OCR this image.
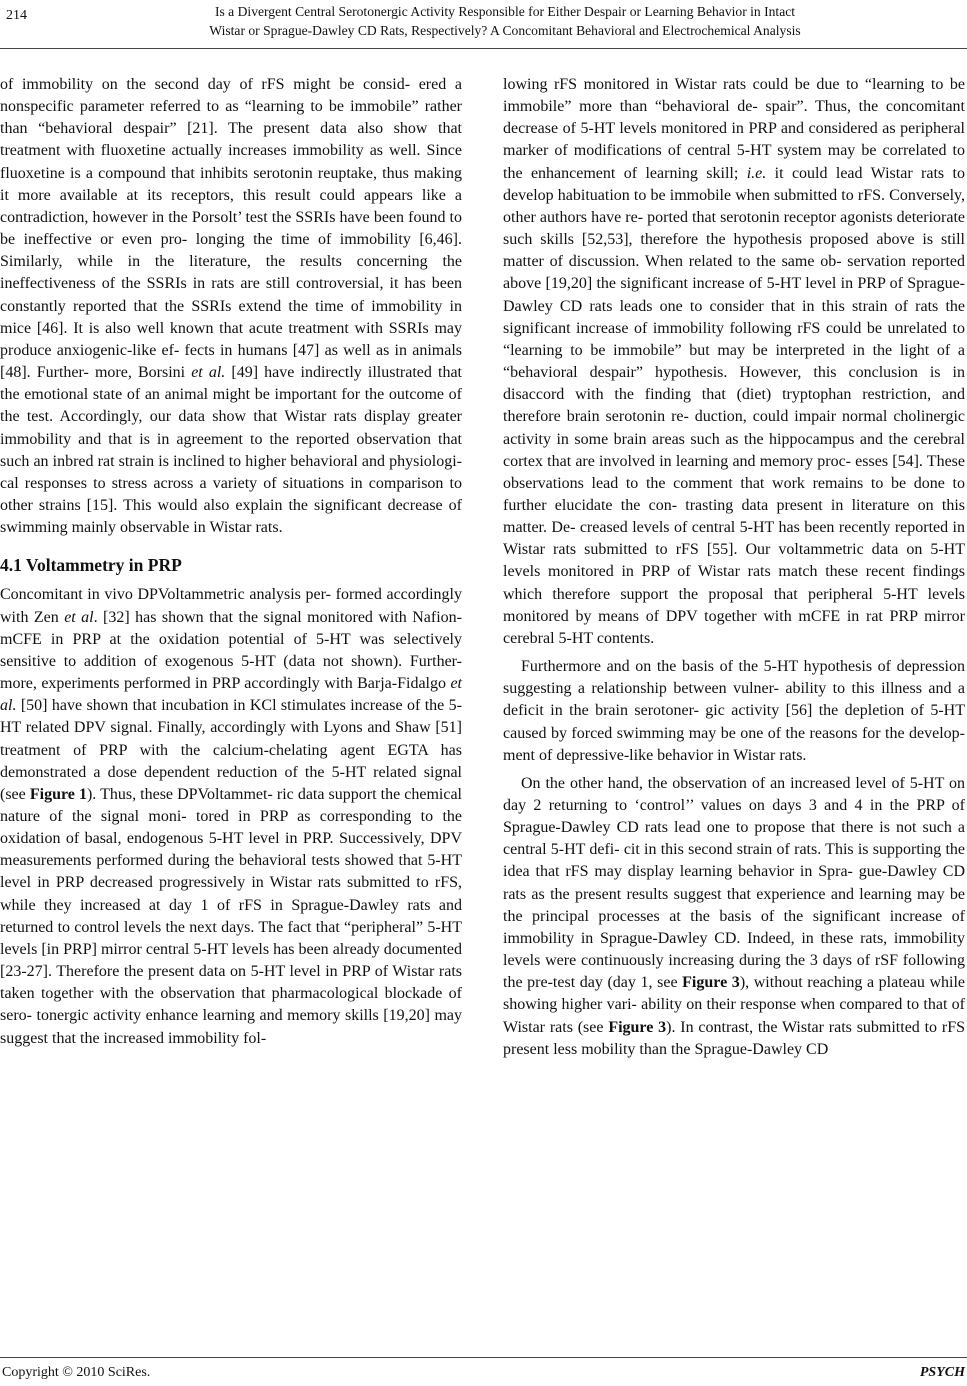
214	Is a Divergent Central Serotonergic Activity Responsible for Either Despair or Learning Behavior in Intact
Wistar or Sprague-Dawley CD Rats, Respectively? A Concomitant Behavioral and Electrochemical Analysis

of immobility on the second day of rFS might be consid- ered a nonspecific parameter referred to as “learning to be immobile” rather than “behavioral despair” [21]. The present data also show that treatment with fluoxetine actually increases immobility as well. Since fluoxetine is a compound that inhibits serotonin reuptake, thus making it more available at its receptors, this result could appears like a contradiction, however in the Porsolt’ test the SSRIs have been found to be ineffective or even pro- longing the time of immobility [6,46]. Similarly, while in the literature, the results concerning the ineffectiveness of the SSRIs in rats are still controversial, it has been constantly reported that the SSRIs extend the time of immobility in mice [46]. It is also well known that acute treatment with SSRIs may produce anxiogenic-like ef- fects in humans [47] as well as in animals [48]. Further- more, Borsini et al. [49] have indirectly illustrated that the emotional state of an animal might be important for the outcome of the test. Accordingly, our data show that Wistar rats display greater immobility and that is in agreement to the reported observation that such an inbred rat strain is inclined to higher behavioral and physiologi- cal responses to stress across a variety of situations in comparison to other strains [15]. This would also explain the significant decrease of swimming mainly observable in Wistar rats.

4.1 Voltammetry in PRP

Concomitant in vivo DPVoltammetric analysis per- formed accordingly with Zen et al. [32] has shown that the signal monitored with Nafion-mCFE in PRP at the oxidation potential of 5-HT was selectively sensitive to addition of exogenous 5-HT (data not shown). Further- more, experiments performed in PRP accordingly with Barja-Fidalgo et al. [50] have shown that incubation in KCl stimulates increase of the 5-HT related DPV signal. Finally, accordingly with Lyons and Shaw [51] treatment of PRP with the calcium-chelating agent EGTA has demonstrated a dose dependent reduction of the 5-HT related signal (see Figure 1). Thus, these DPVoltammet- ric data support the chemical nature of the signal moni- tored in PRP as corresponding to the oxidation of basal, endogenous 5-HT level in PRP. Successively, DPV measurements performed during the behavioral tests showed that 5-HT level in PRP decreased progressively in Wistar rats submitted to rFS, while they increased at day 1 of rFS in Sprague-Dawley rats and returned to control levels the next days. The fact that “peripheral” 5-HT levels [in PRP] mirror central 5-HT levels has been already documented [23-27]. Therefore the present data on 5-HT level in PRP of Wistar rats taken together with the observation that pharmacological blockade of sero- tonergic activity enhance learning and memory skills [19,20] may suggest that the increased immobility fol-

lowing rFS monitored in Wistar rats could be due to “learning to be immobile” more than “behavioral de- spair”. Thus, the concomitant decrease of 5-HT levels monitored in PRP and considered as peripheral marker of modifications of central 5-HT system may be correlated to the enhancement of learning skill; i.e. it could lead Wistar rats to develop habituation to be immobile when submitted to rFS. Conversely, other authors have re- ported that serotonin receptor agonists deteriorate such skills [52,53], therefore the hypothesis proposed above is still matter of discussion. When related to the same ob- servation reported above [19,20] the significant increase of 5-HT level in PRP of Sprague-Dawley CD rats leads one to consider that in this strain of rats the significant increase of immobility following rFS could be unrelated to “learning to be immobile” but may be interpreted in the light of a “behavioral despair” hypothesis. However, this conclusion is in disaccord with the finding that (diet) tryptophan restriction, and therefore brain serotonin re- duction, could impair normal cholinergic activity in some brain areas such as the hippocampus and the cerebral cortex that are involved in learning and memory proc- esses [54]. These observations lead to the comment that work remains to be done to further elucidate the con- trasting data present in literature on this matter. De- creased levels of central 5-HT has been recently reported in Wistar rats submitted to rFS [55]. Our voltammetric data on 5-HT levels monitored in PRP of Wistar rats match these recent findings which therefore support the proposal that peripheral 5-HT levels monitored by means of DPV together with mCFE in rat PRP mirror cerebral 5-HT contents.

Furthermore and on the basis of the 5-HT hypothesis of depression suggesting a relationship between vulner- ability to this illness and a deficit in the brain serotoner- gic activity [56] the depletion of 5-HT caused by forced swimming may be one of the reasons for the develop- ment of depressive-like behavior in Wistar rats.

On the other hand, the observation of an increased level of 5-HT on day 2 returning to ‘control’’ values on days 3 and 4 in the PRP of Sprague-Dawley CD rats lead one to propose that there is not such a central 5-HT defi- cit in this second strain of rats. This is supporting the idea that rFS may display learning behavior in Spra- gue-Dawley CD rats as the present results suggest that experience and learning may be the principal processes at the basis of the significant increase of immobility in Sprague-Dawley CD. Indeed, in these rats, immobility levels were continuously increasing during the 3 days of rSF following the pre-test day (day 1, see Figure 3), without reaching a plateau while showing higher vari- ability on their response when compared to that of Wistar rats (see Figure 3). In contrast, the Wistar rats submitted to rFS present less mobility than the Sprague-Dawley CD

Copyright © 2010 SciRes.	PSYCH
